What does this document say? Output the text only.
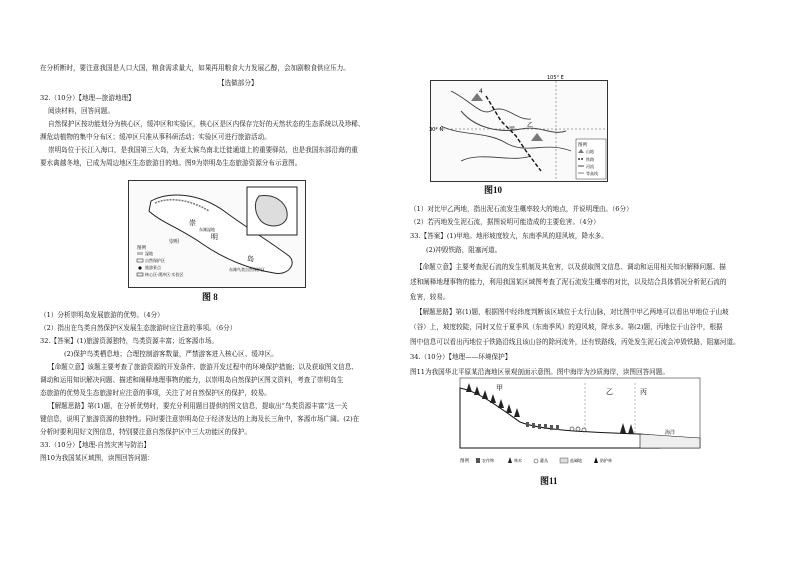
在分析断时，要注意我国是人口大国，粮食需求量大，如果再用粮食大力发展乙醇，会加剧粮食供应压力。
【选做部分】
32.（10分）【地理—旅游地理】
阅读材料，回答问题。
自然保护区按功能划分为核心区，缓冲区和实验区，核心区是区内保存完好的天然状态的生态系统以及珍稀、
濒危动植物的集中分布区；缓冲区只准从事科研活动；实验区可进行旅游活动。
崇明岛位于长江入海口，是我国第三大岛，为亚太候鸟南北迁徙通道上的重要驿站，也是我国东部沿海的重
要水禽越冬地，已成为周边地区生态旅游目的地。图9为崇明岛生态旅游资源分布示意图。
崇
明
岛
崇明
东滩湿地
东滩鸟类自然保护区
图例
湿地
自然保护区
旅游景点
核心区·缓冲区·实验区
图 8
（1）分析崇明岛发展旅游的优势。（4分）
（2）指出在鸟类自然保护区发展生态旅游时应注意的事项。（6分）
32.【答案】(1)旅游资源独特，鸟类资源丰富；近客源市场。
(2)保护鸟类栖息地；合理控制游客数量，严禁游客进入核心区、缓冲区。
【命题立意】该题主要考查了旅游资源的开发条件、旅游开发过程中的环境保护措施；以及获取图文信息、
调动和运用知识解决问题、描述和阐释地理事物的能力，以崇明岛自然保护区图文资料，考查了崇明岛生
态旅游的优势及生态旅游时应注意的事项，关注了对自然保护区的保护，较易。
【解题思路】第(1)题，在分析优势时，要充分利用题目提供的图文信息，提取出“鸟类资源丰富”这一关
键信息，说明了旅游资源的独特性。同时要注意崇明岛位于经济发达的上海及长三角中，客源市场广阔。(2)在
分析时要利用好文图信息，特别要注意自然保护区中三大功能区的保护。
33.（10分）【地理-自然灾害与防治】
图10为我国某区域图，读图回答问题：
105° E
30° N
4
甲
乙
图例
山地
铁路
河流
等高线
图10
（1）对比甲乙两地，指出泥石流发生概率较大的地点，并说明理由。（6分）
（2）若丙地发生泥石流，据图说明可能造成的主要危害。（4分）
33.【答案】(1)甲地。地形坡度较大，东南季风的迎风坡，降水多。
(2)冲毁铁路，阻塞河道。
【命题立意】主要考查泥石流的发生机制及其危害，以及获取图文信息、调动和运用相关知识解释问题、描
述和阐释地理事物的能力，利用我国某区域图考查了泥石流发生概率的对比，以及结合具体情况分析泥石流的
危害，较易。
【解题思路】第(1)题，根据图中经纬度判断该区域位于太行山脉，对比图中甲乙两地可以看出甲地位于山坡
（谷）上，坡度较陡，同时又位于夏季风（东南季风）的迎风坡，降水多。第(2)题，丙地位于山谷中，根据
图中信息可以看出丙地位于铁路沿线且该山谷的除河流外，还有铁路线，丙处发生泥石流会冲毁铁路，阻塞河道。
34.（10分）【地理——环境保护】
图11为我国华北平原某沿海地区景观剖面示意图。图中海岸为沙质海岸，读图回答问题。
甲	乙	丙
海洋
图例	农作物	林木	灌丛	盐碱地	防护林
图11
